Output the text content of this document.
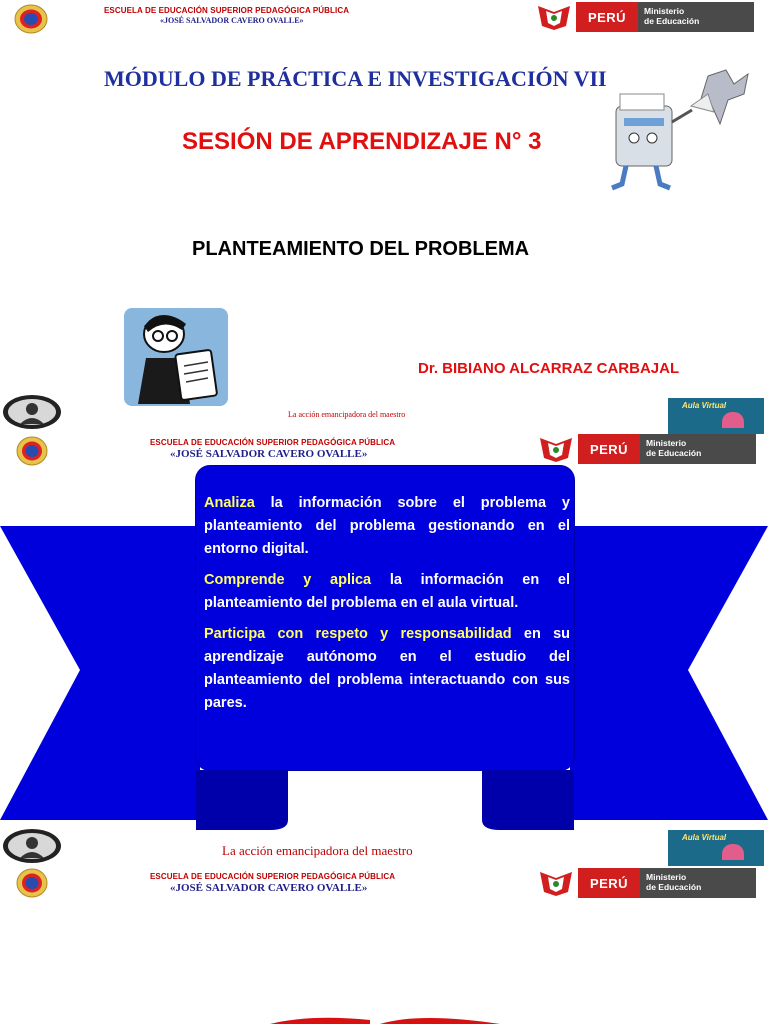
ESCUELA DE EDUCACIÓN SUPERIOR PEDAGÓGICA PÚBLICA
«JOSÉ SALVADOR CAVERO OVALLE»	PERÚ	Ministerio
de Educación
MÓDULO DE PRÁCTICA E INVESTIGACIÓN VII
SESIÓN DE APRENDIZAJE N° 3
PLANTEAMIENTO DEL PROBLEMA
Dr. BIBIANO ALCARRAZ CARBAJAL
La acción emancipadora del maestro
Aula Virtual
ESCUELA DE EDUCACIÓN SUPERIOR PEDAGÓGICA PÚBLICA
«JOSÉ SALVADOR CAVERO OVALLE»	PERÚ	Ministerio
de Educación

Analiza la información sobre el problema y planteamiento del problema gestionando en el entorno digital.

Comprende y aplica la información en el planteamiento del problema en el aula virtual.

Participa con respeto y responsabilidad en su aprendizaje autónomo en el estudio del planteamiento del problema interactuando con sus pares.

La acción emancipadora del maestro
Aula Virtual
ESCUELA DE EDUCACIÓN SUPERIOR PEDAGÓGICA PÚBLICA
«JOSÉ SALVADOR CAVERO OVALLE»	PERÚ	Ministerio
de Educación
